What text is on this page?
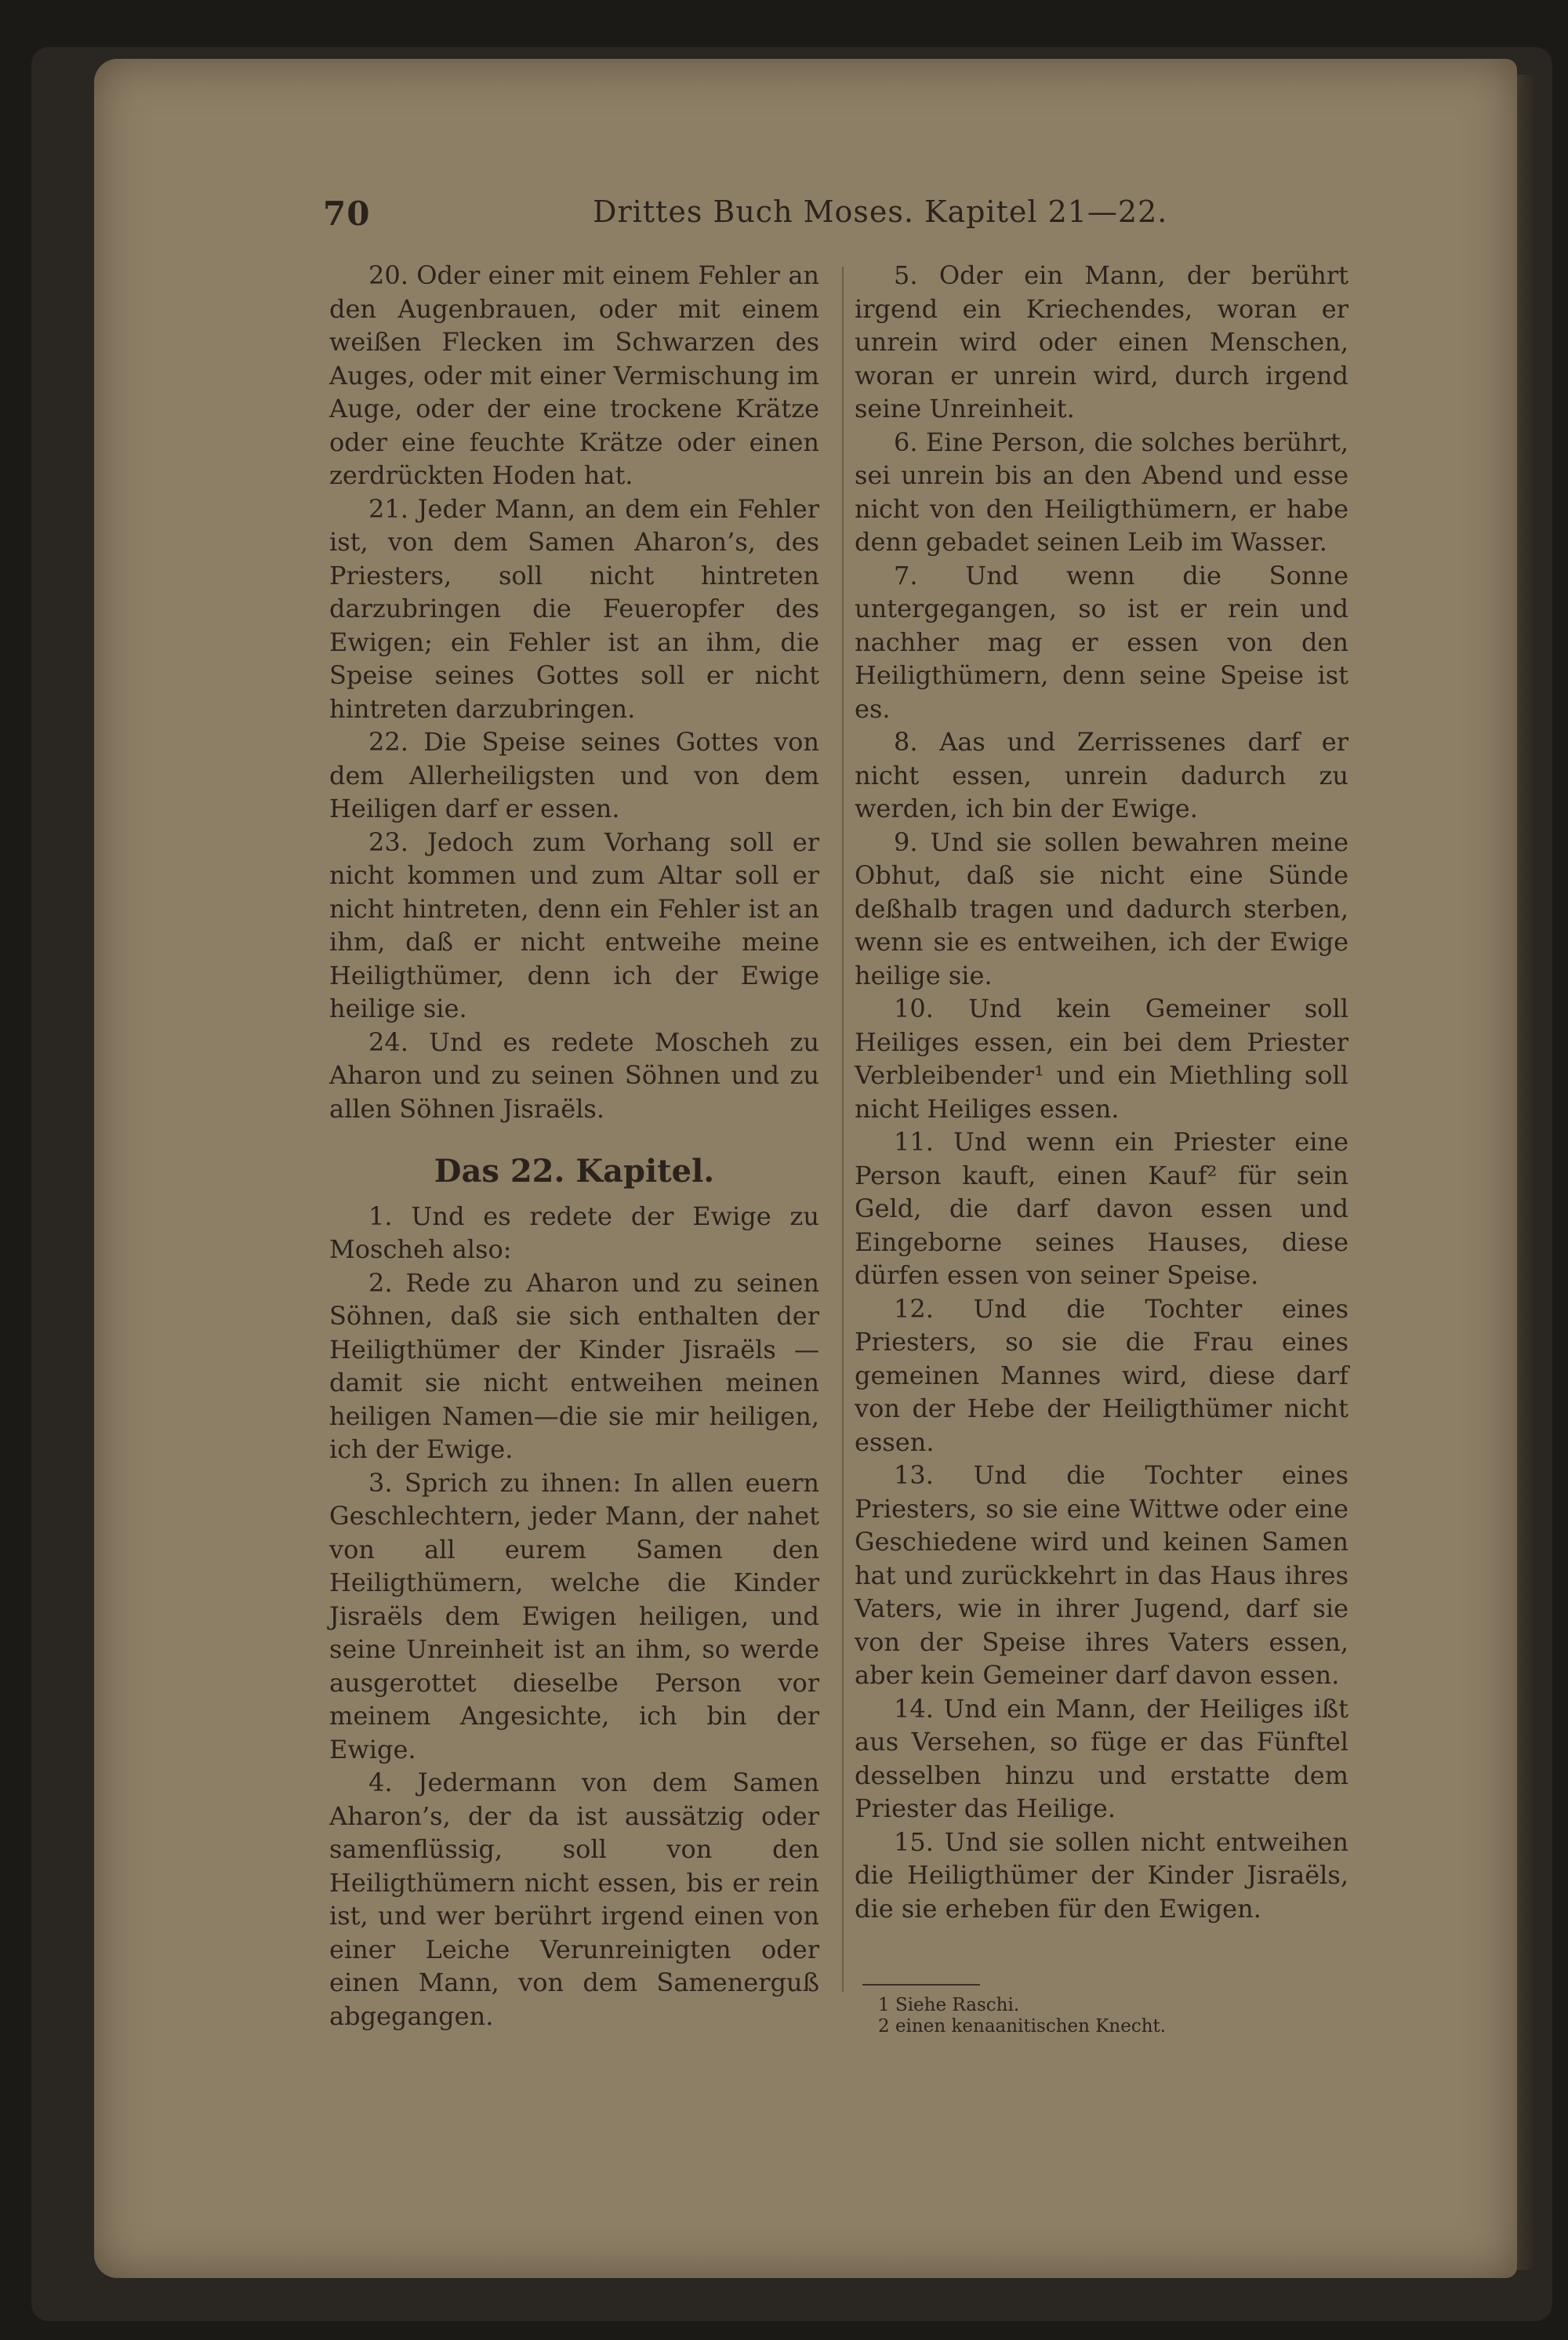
70	Drittes Buch Moses. Kapitel 21—22.

20. Oder einer mit einem Fehler an den Augenbrauen, oder mit einem weißen Flecken im Schwarzen des Auges, oder mit einer Vermischung im Auge, oder der eine trockene Krätze oder eine feuchte Krätze oder einen zerdrückten Hoden hat.

21. Jeder Mann, an dem ein Fehler ist, von dem Samen Aharon’s, des Priesters, soll nicht hintreten darzubringen die Feueropfer des Ewigen; ein Fehler ist an ihm, die Speise seines Gottes soll er nicht hintreten darzubringen.

22. Die Speise seines Gottes von dem Allerheiligsten und von dem Heiligen darf er essen.

23. Jedoch zum Vorhang soll er nicht kommen und zum Altar soll er nicht hintreten, denn ein Fehler ist an ihm, daß er nicht entweihe meine Heiligthümer, denn ich der Ewige heilige sie.

24. Und es redete Moscheh zu Aharon und zu seinen Söhnen und zu allen Söhnen Jisraëls.

Das 22. Kapitel.

1. Und es redete der Ewige zu Moscheh also:

2. Rede zu Aharon und zu seinen Söhnen, daß sie sich enthalten der Heiligthümer der Kinder Jisraëls — damit sie nicht entweihen meinen heiligen Namen—die sie mir heiligen, ich der Ewige.

3. Sprich zu ihnen: In allen euern Geschlechtern, jeder Mann, der nahet von all eurem Samen den Heiligthümern, welche die Kinder Jisraëls dem Ewigen heiligen, und seine Unreinheit ist an ihm, so werde ausgerottet dieselbe Person vor meinem Angesichte, ich bin der Ewige.

4. Jedermann von dem Samen Aharon’s, der da ist aussätzig oder samenflüssig, soll von den Heiligthümern nicht essen, bis er rein ist, und wer berührt irgend einen von einer Leiche Verunreinigten oder einen Mann, von dem Samenerguß abgegangen.

5. Oder ein Mann, der berührt irgend ein Kriechendes, woran er unrein wird oder einen Menschen, woran er unrein wird, durch irgend seine Unreinheit.

6. Eine Person, die solches berührt, sei unrein bis an den Abend und esse nicht von den Heiligthümern, er habe denn gebadet seinen Leib im Wasser.

7. Und wenn die Sonne untergegangen, so ist er rein und nachher mag er essen von den Heiligthümern, denn seine Speise ist es.

8. Aas und Zerrissenes darf er nicht essen, unrein dadurch zu werden, ich bin der Ewige.

9. Und sie sollen bewahren meine Obhut, daß sie nicht eine Sünde deßhalb tragen und dadurch sterben, wenn sie es entweihen, ich der Ewige heilige sie.

10. Und kein Gemeiner soll Heiliges essen, ein bei dem Priester Verbleibender¹ und ein Miethling soll nicht Heiliges essen.

11. Und wenn ein Priester eine Person kauft, einen Kauf² für sein Geld, die darf davon essen und Eingeborne seines Hauses, diese dürfen essen von seiner Speise.

12. Und die Tochter eines Priesters, so sie die Frau eines gemeinen Mannes wird, diese darf von der Hebe der Heiligthümer nicht essen.

13. Und die Tochter eines Priesters, so sie eine Wittwe oder eine Geschiedene wird und keinen Samen hat und zurückkehrt in das Haus ihres Vaters, wie in ihrer Jugend, darf sie von der Speise ihres Vaters essen, aber kein Gemeiner darf davon essen.

14. Und ein Mann, der Heiliges ißt aus Versehen, so füge er das Fünftel desselben hinzu und erstatte dem Priester das Heilige.

15. Und sie sollen nicht entweihen die Heiligthümer der Kinder Jisraëls, die sie erheben für den Ewigen.

1 Siehe Raschi.

2 einen kenaanitischen Knecht.
